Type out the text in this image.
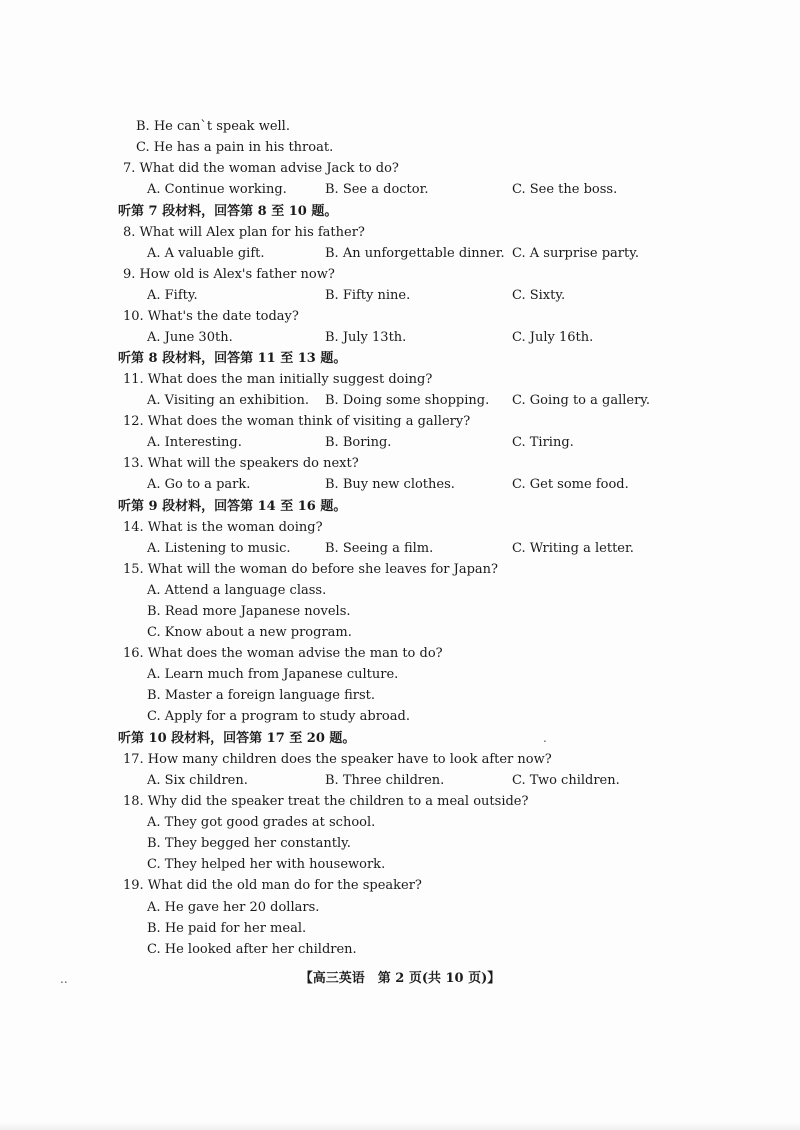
B. He can`t speak well.
C. He has a pain in his throat.
7. What did the woman advise Jack to do?
A. Continue working.	B. See a doctor.	C. See the boss.
听第 7 段材料，回答第 8 至 10 题。
8. What will Alex plan for his father?
A. A valuable gift.	B. An unforgettable dinner. C. A surprise party.
9. How old is Alex's father now?
A. Fifty.	B. Fifty nine.	C. Sixty.
10. What's the date today?
A. June 30th.	B. July 13th.	C. July 16th.
听第 8 段材料，回答第 11 至 13 题。
11. What does the man initially suggest doing?
A. Visiting an exhibition. B. Doing some shopping. C. Going to a gallery.
12. What does the woman think of visiting a gallery?
A. Interesting.	B. Boring.	C. Tiring.
13. What will the speakers do next?
A. Go to a park.	B. Buy new clothes.	C. Get some food.
听第 9 段材料，回答第 14 至 16 题。
14. What is the woman doing?
A. Listening to music.	B. Seeing a film.	C. Writing a letter.
15. What will the woman do before she leaves for Japan?
A. Attend a language class.
B. Read more Japanese novels.
C. Know about a new program.
16. What does the woman advise the man to do?
A. Learn much from Japanese culture.
B. Master a foreign language first.
C. Apply for a program to study abroad.
听第 10 段材料，回答第 17 至 20 题。	.
17. How many children does the speaker have to look after now?
A. Six children.	B. Three children.	C. Two children.
18. Why did the speaker treat the children to a meal outside?
A. They got good grades at school.
B. They begged her constantly.
C. They helped her with housework.
19. What did the old man do for the speaker?
A. He gave her 20 dollars.
B. He paid for her meal.
C. He looked after her children.
..	【高三英语　第 2 页(共 10 页)】
